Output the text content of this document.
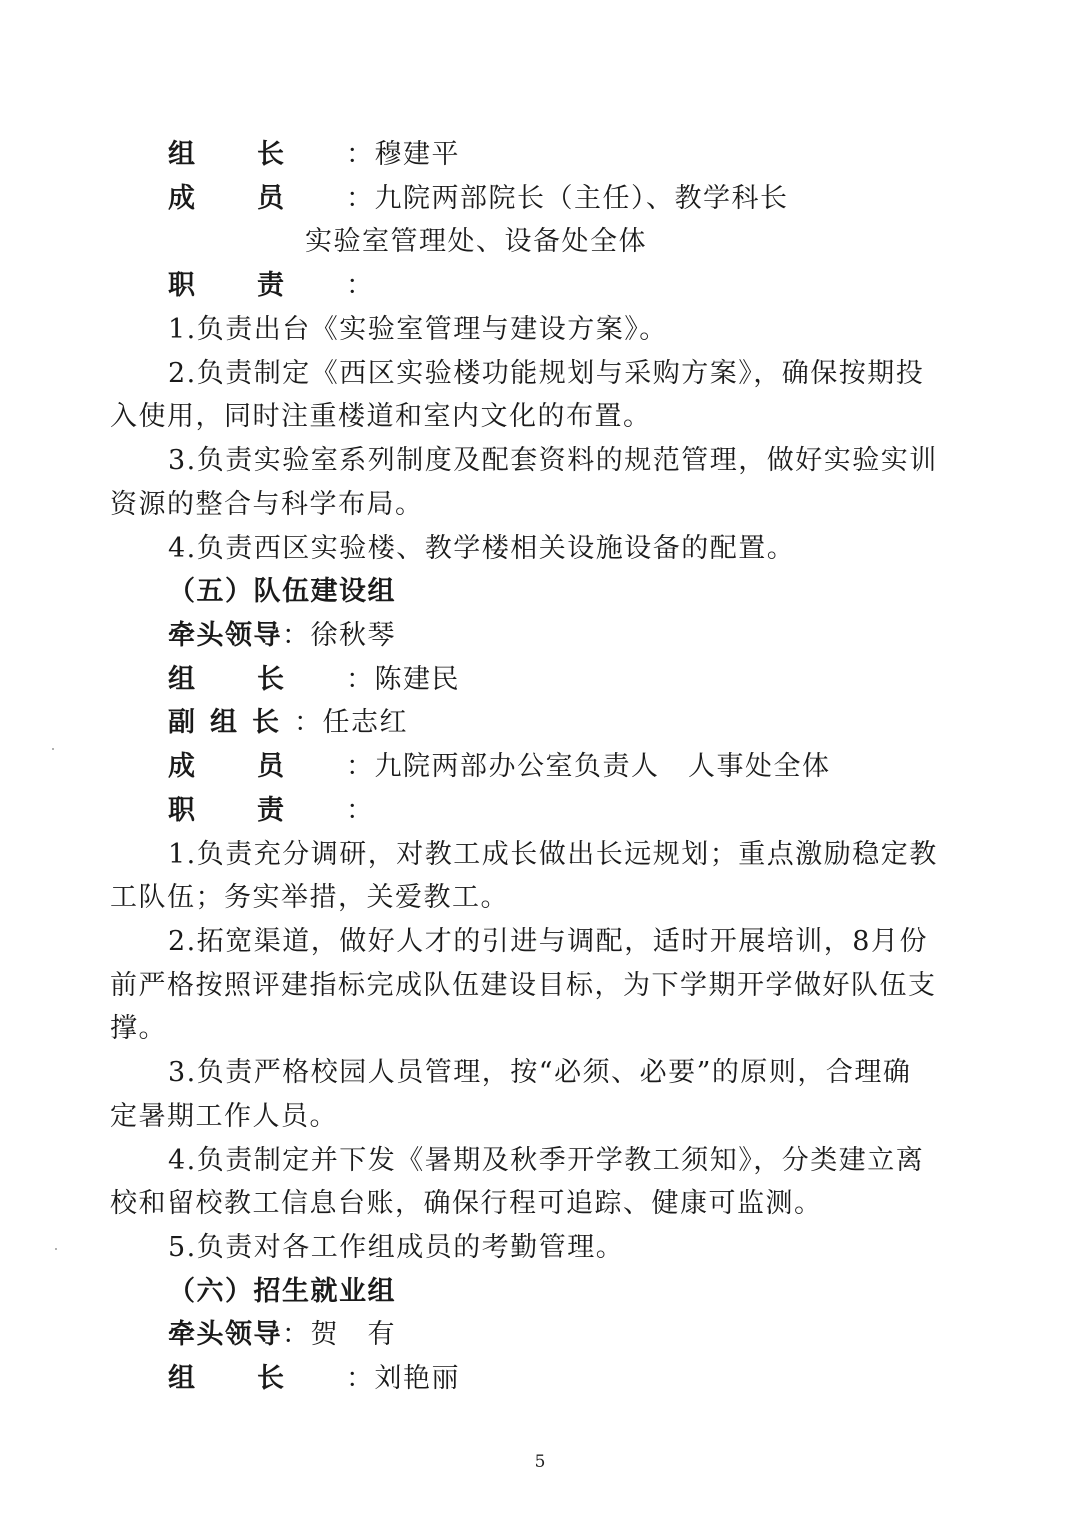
组长：穆建平
成员：九院两部院长（主任）、教学科长
实验室管理处、设备处全体
职责：
1.负责出台《实验室管理与建设方案》。
2.负责制定《西区实验楼功能规划与采购方案》，确保按期投
入使用，同时注重楼道和室内文化的布置。
3.负责实验室系列制度及配套资料的规范管理，做好实验实训
资源的整合与科学布局。
4.负责西区实验楼、教学楼相关设施设备的配置。
（五）队伍建设组
牵头领导：徐秋琴
组长：陈建民
副组长：任志红
成员：九院两部办公室负责人　人事处全体
职责：
1.负责充分调研，对教工成长做出长远规划；重点激励稳定教
工队伍；务实举措，关爱教工。
2.拓宽渠道，做好人才的引进与调配，适时开展培训，8月份
前严格按照评建指标完成队伍建设目标，为下学期开学做好队伍支
撑。
3.负责严格校园人员管理，按“必须、必要”的原则，合理确
定暑期工作人员。
4.负责制定并下发《暑期及秋季开学教工须知》，分类建立离
校和留校教工信息台账，确保行程可追踪、健康可监测。
5.负责对各工作组成员的考勤管理。
（六）招生就业组
牵头领导：贺　有
组长：刘艳丽
5
